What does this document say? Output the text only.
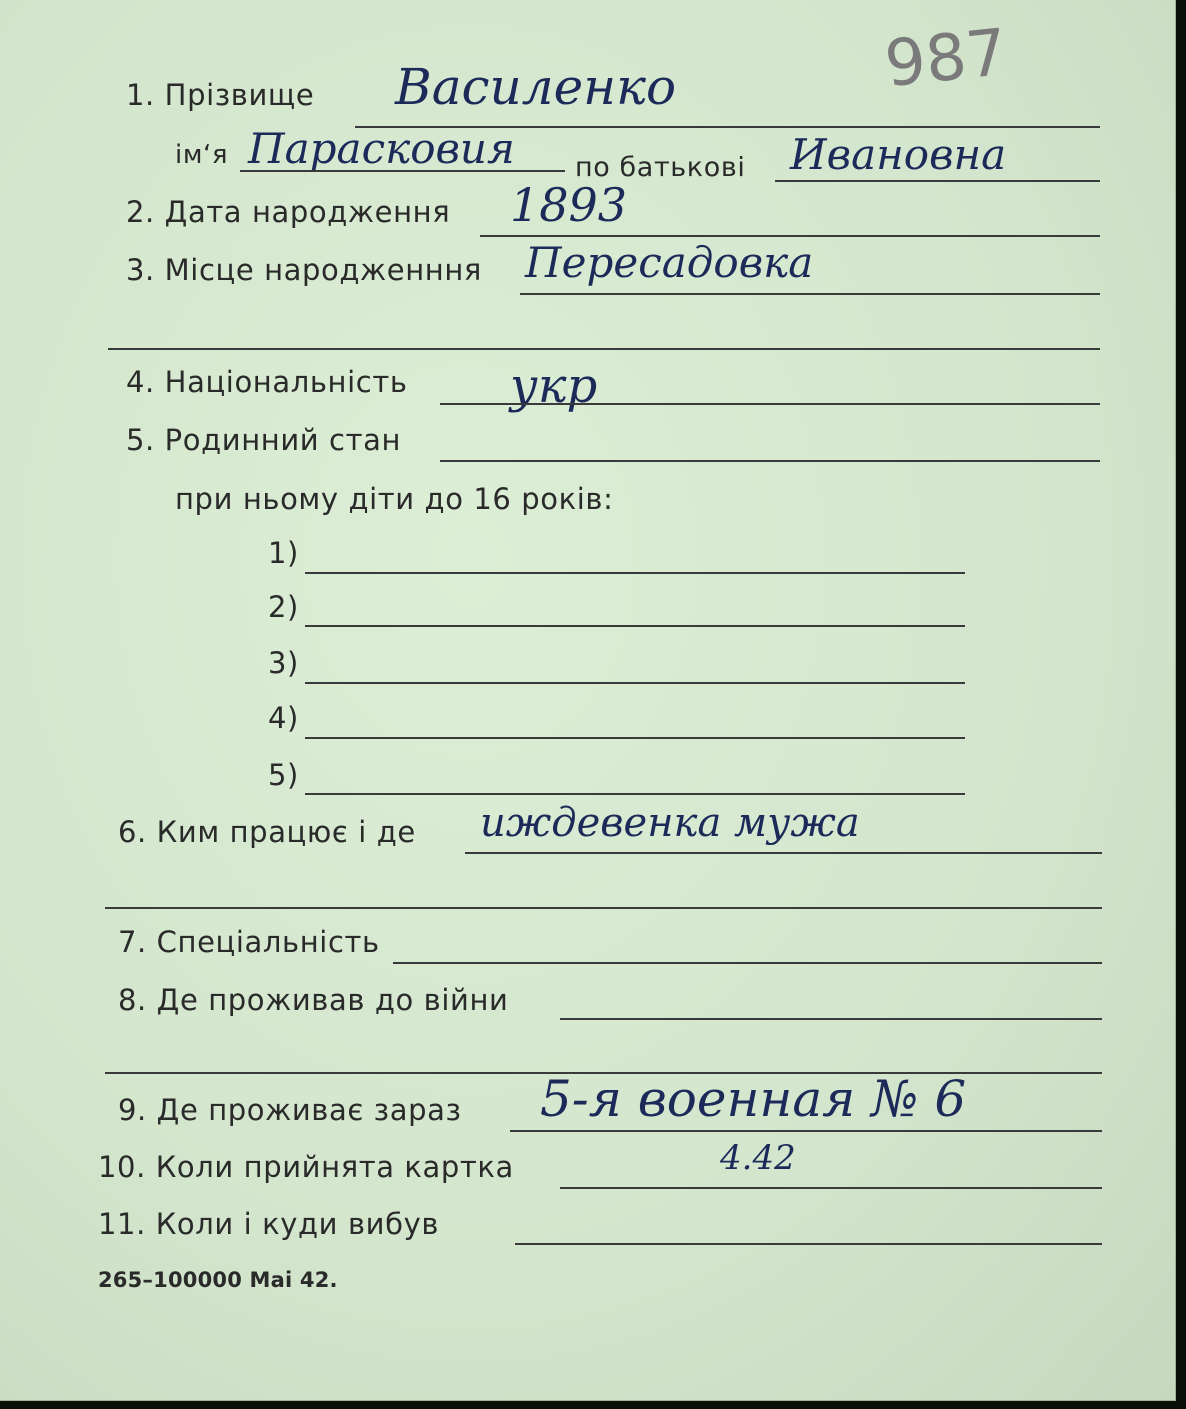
987
1. Прізвище Василенко
ім‘я Парасковия по батькові Ивановна
2. Дата народження 1893
3. Місце народженння Пересадовка
4. Національність укр
5. Родинний стан
при ньому діти до 16 років:
1)
2)
3)
4)
5)
6. Ким працює і де иждевенка мужа
7. Спеціальність
8. Де проживав до війни
9. Де проживає зараз 5-я военная № 6
10. Коли прийнята картка	4.42
11. Коли і куди вибув
265–100000 Mai 42.
